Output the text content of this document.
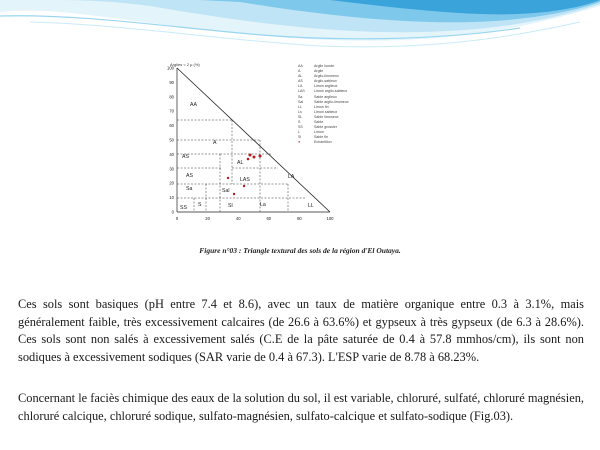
Argiles < 2 µ (%)
100
90
80
70
60
50
40
30
20
10
0
0	20	40	60	80	100
AA
A
AS
AL
AS
LAS	LA
Sa	Sal
SS S	Sl	La	LL
AA	Argile lourde
A	Argile
AL	Argilo-limoneux
AS	Argilo-sableux
LA	Limon argileux
LAS	Limon argilo-sableux
Sa	Sable argileux
Sal	Sable argilo-limoneux
LL	Limon fin
Ls	Limon sableux
SL	Sable limoneux
S	Sable
SS	Sable grossier
L	Limon
Sl	Sable fin
●	Echantillon
Figure n°03 : Triangle textural des sols de la région d'El Outaya.

Ces sols sont basiques (pH entre 7.4 et 8.6), avec un taux de matière organique entre 0.3 à 3.1%, mais généralement faible, très excessivement calcaires (de 26.6 à 63.6%) et gypseux à très gypseux (de 6.3 à 28.6%). Ces sols sont non salés à excessivement salés (C.E de la pâte saturée de 0.4 à 57.8 mmhos/cm), ils sont non sodiques à excessivement sodiques (SAR varie de 0.4 à 67.3). L'ESP varie de 8.78 à 68.23%.

Concernant le faciès chimique des eaux de la solution du sol, il est variable, chloruré, sulfaté, chloruré magnésien, chloruré calcique, chloruré sodique, sulfato-magnésien, sulfato-calcique et sulfato-sodique (Fig.03).
